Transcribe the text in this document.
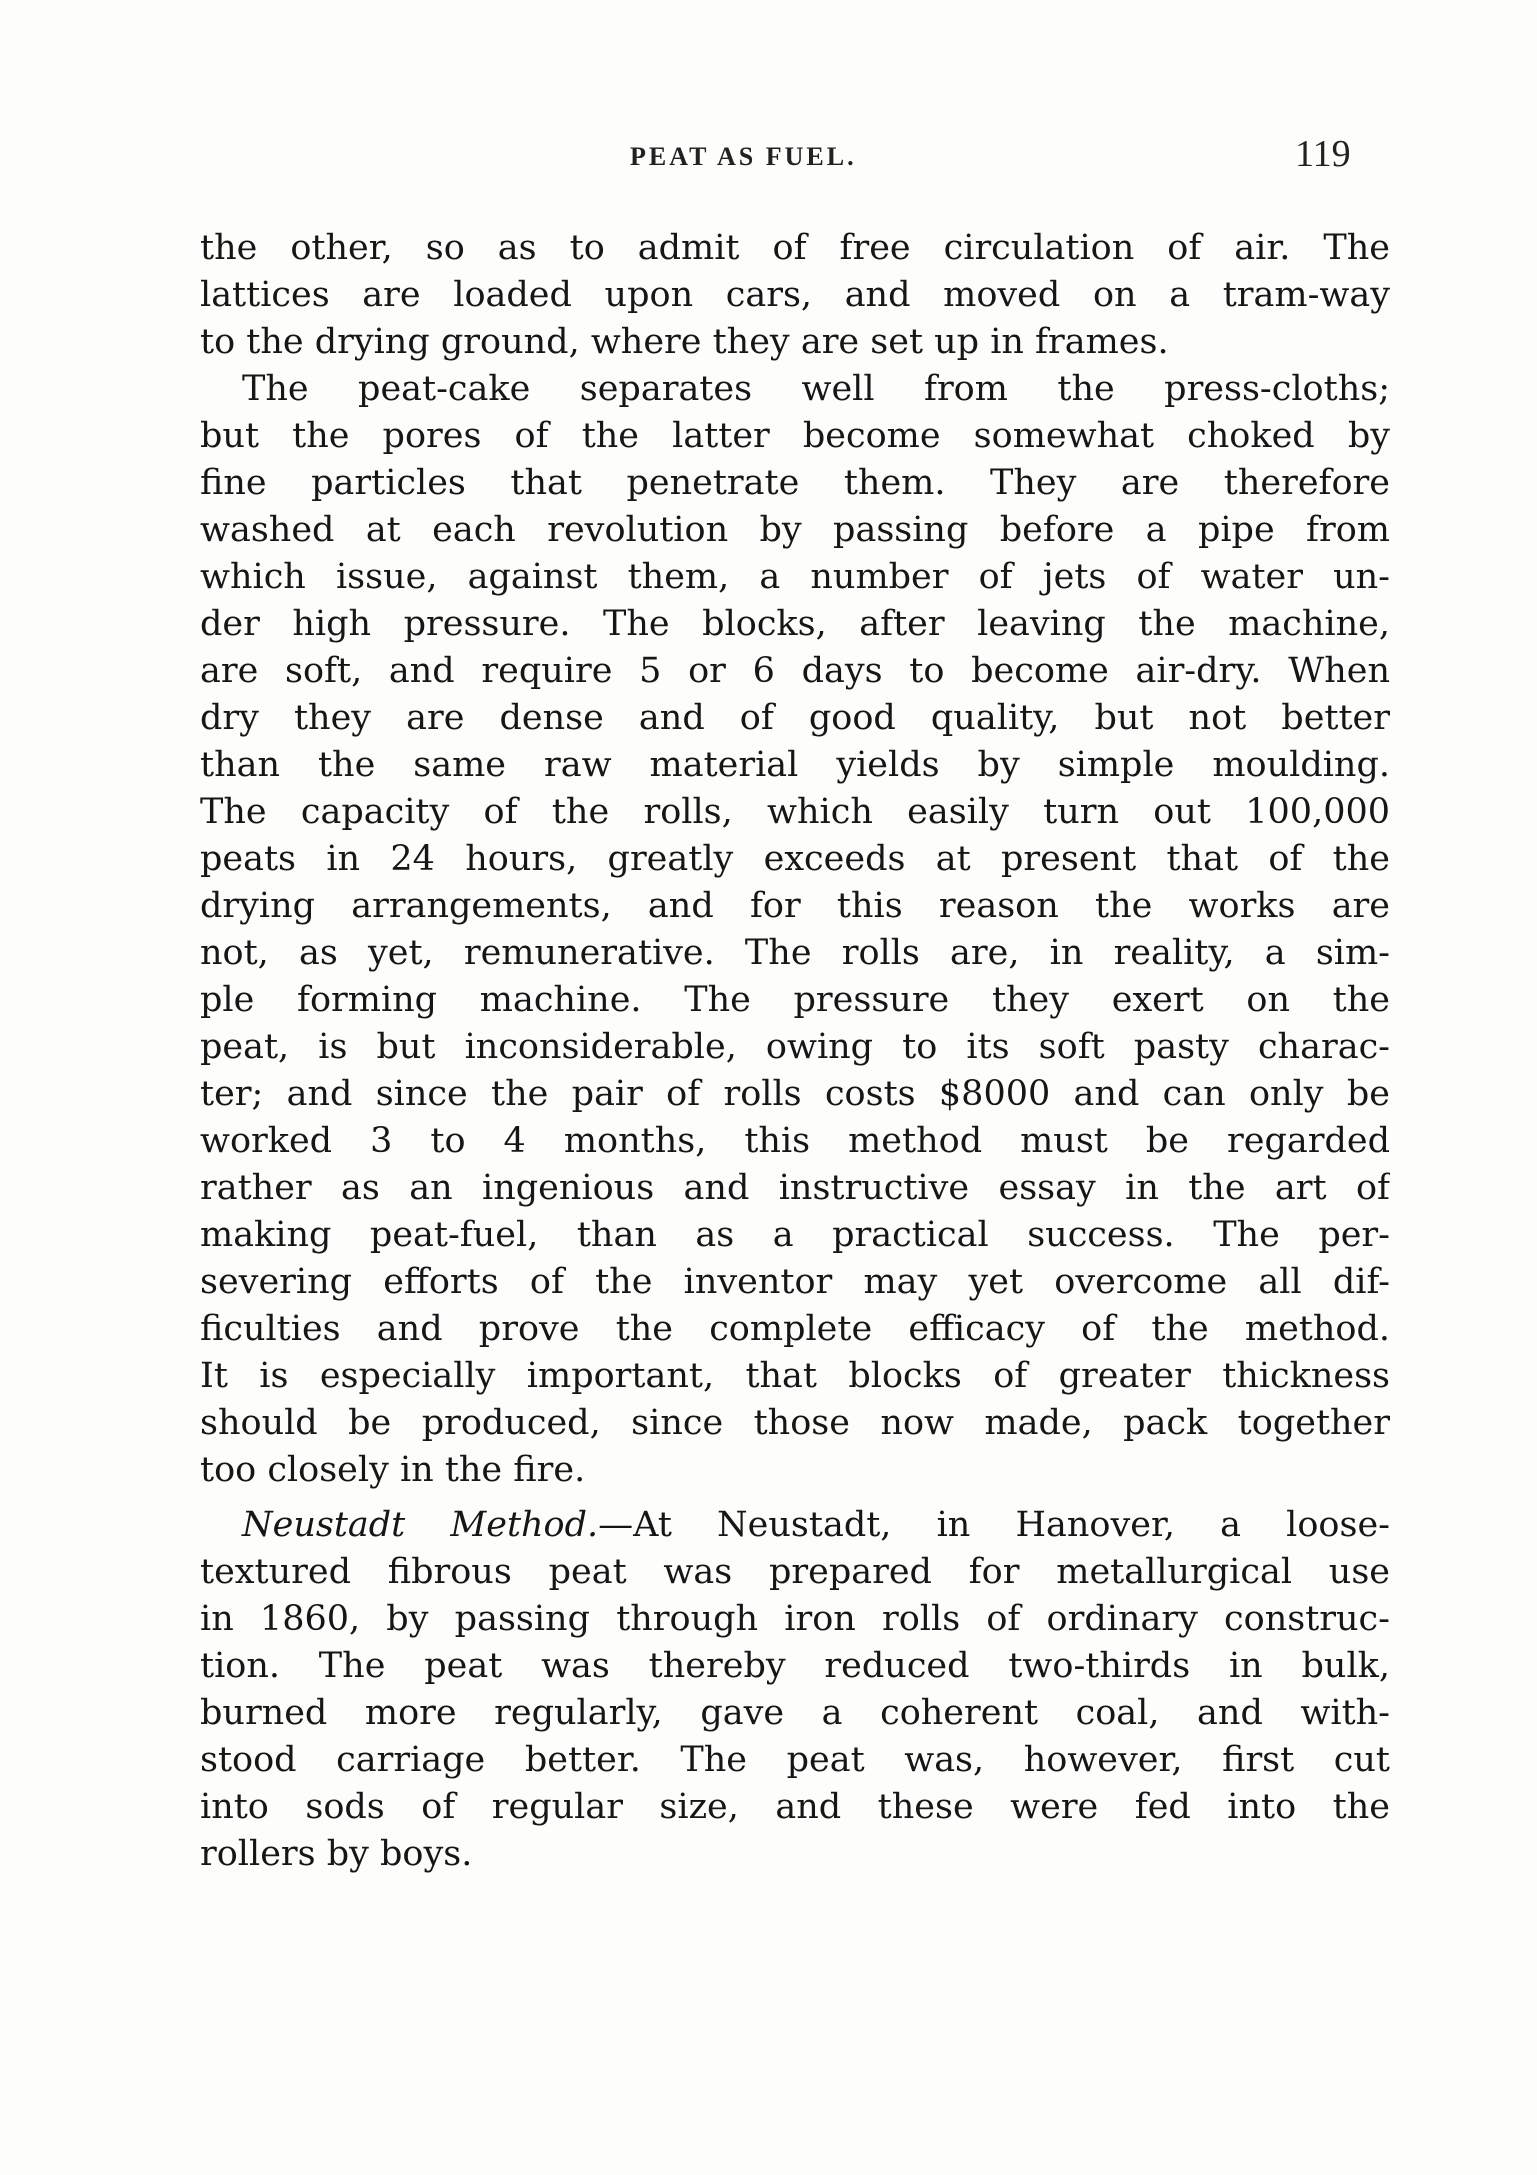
PEAT AS FUEL.	119
the other, so as to admit of free circulation of air. The
lattices are loaded upon cars, and moved on a tram-way
to the drying ground, where they are set up in frames.
The peat-cake separates well from the press-cloths;
but the pores of the latter become somewhat choked by
fine particles that penetrate them. They are therefore
washed at each revolution by passing before a pipe from
which issue, against them, a number of jets of water un-
der high pressure. The blocks, after leaving the machine,
are soft, and require 5 or 6 days to become air-dry. When
dry they are dense and of good quality, but not better
than the same raw material yields by simple moulding.
The capacity of the rolls, which easily turn out 100,000
peats in 24 hours, greatly exceeds at present that of the
drying arrangements, and for this reason the works are
not, as yet, remunerative. The rolls are, in reality, a sim-
ple forming machine. The pressure they exert on the
peat, is but inconsiderable, owing to its soft pasty charac-
ter; and since the pair of rolls costs $8000 and can only be
worked 3 to 4 months, this method must be regarded
rather as an ingenious and instructive essay in the art of
making peat-fuel, than as a practical success. The per-
severing efforts of the inventor may yet overcome all dif-
ficulties and prove the complete efficacy of the method.
It is especially important, that blocks of greater thickness
should be produced, since those now made, pack together
too closely in the fire.
Neustadt Method.—At Neustadt, in Hanover, a loose-
textured fibrous peat was prepared for metallurgical use
in 1860, by passing through iron rolls of ordinary construc-
tion. The peat was thereby reduced two-thirds in bulk,
burned more regularly, gave a coherent coal, and with-
stood carriage better. The peat was, however, first cut
into sods of regular size, and these were fed into the
rollers by boys.
